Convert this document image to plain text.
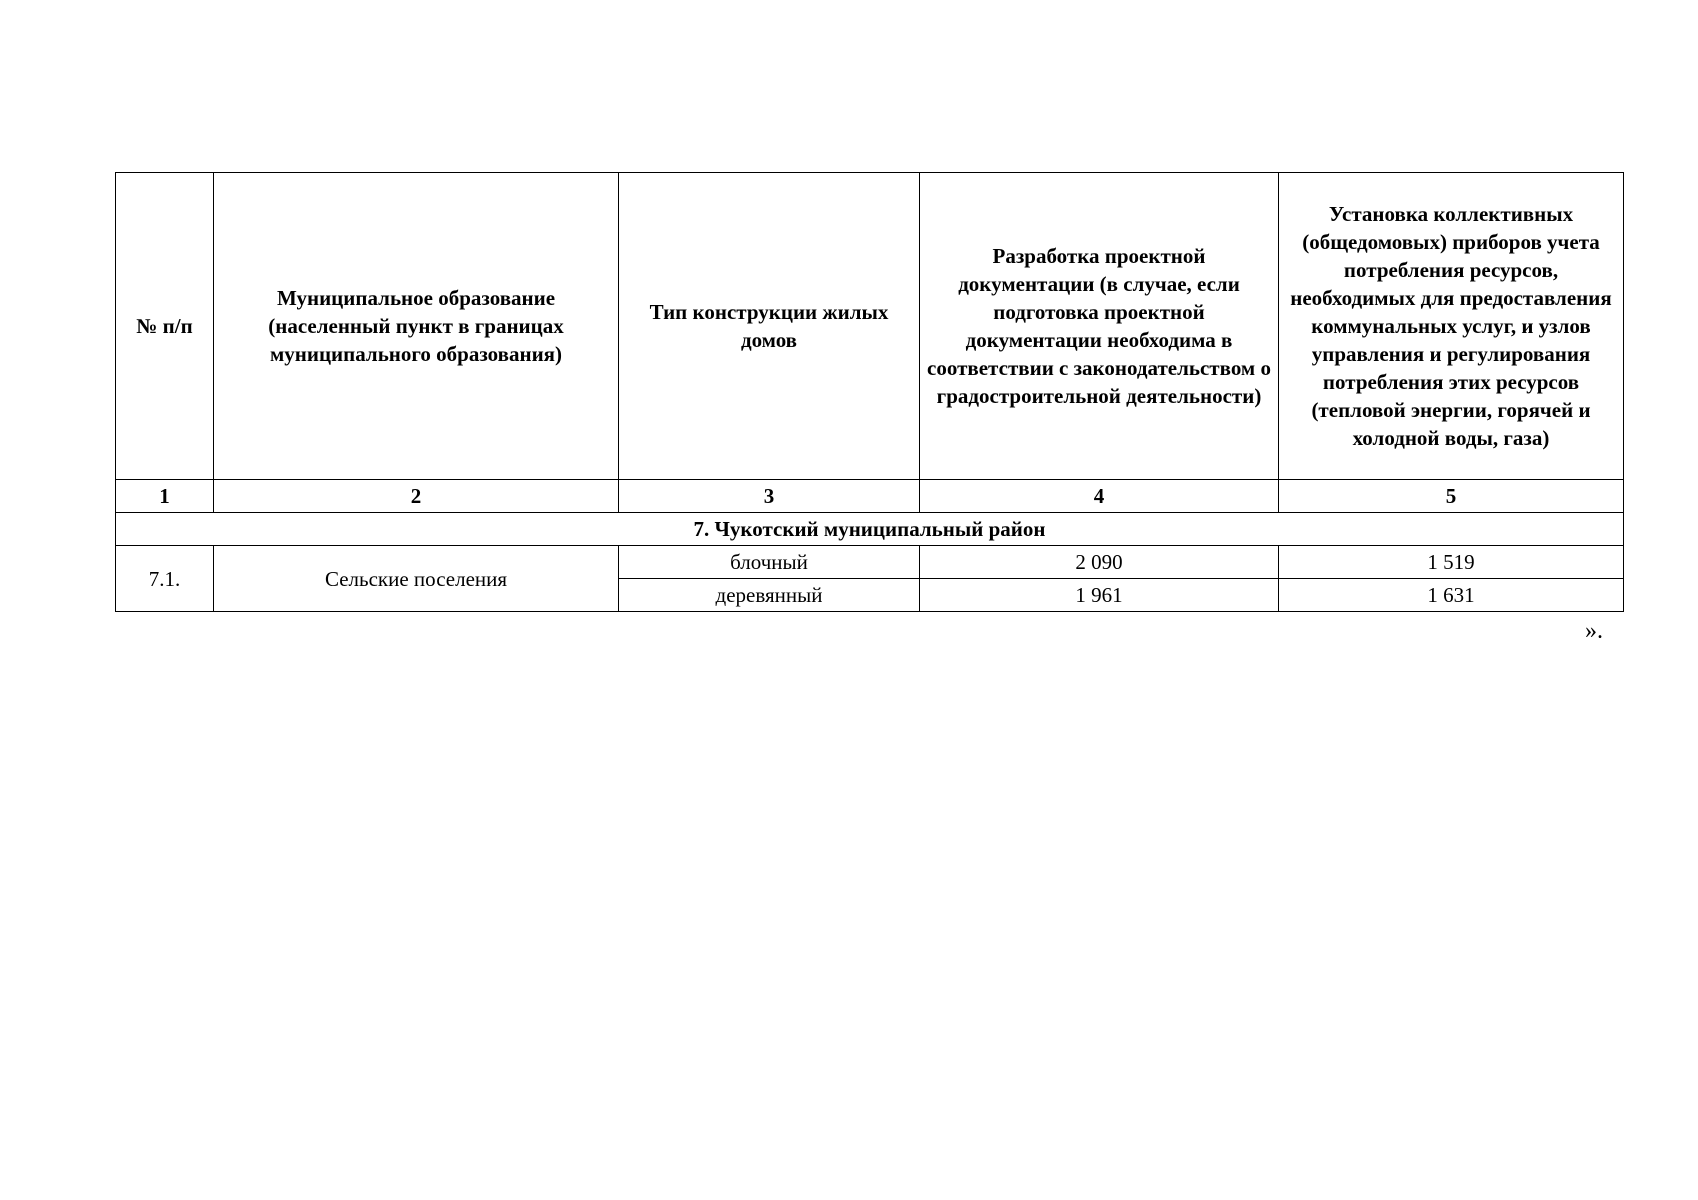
№ п/п	Муниципальное образование (населенный пункт в границах муниципального образования)	Тип конструкции жилых домов	Разработка проектной документации (в случае, если подготовка проектной документации необходима в соответствии с законодательством о градостроительной деятельности)	Установка коллективных (общедомовых) приборов учета потребления ресурсов, необходимых для предоставления коммунальных услуг, и узлов управления и регулирования потребления этих ресурсов (тепловой энергии, горячей и холодной воды, газа)
1	2	3	4	5
7. Чукотский муниципальный район				
7.1.	Сельские поселения	блочный	2 090	1 519
		деревянный	1 961	1 631
».
